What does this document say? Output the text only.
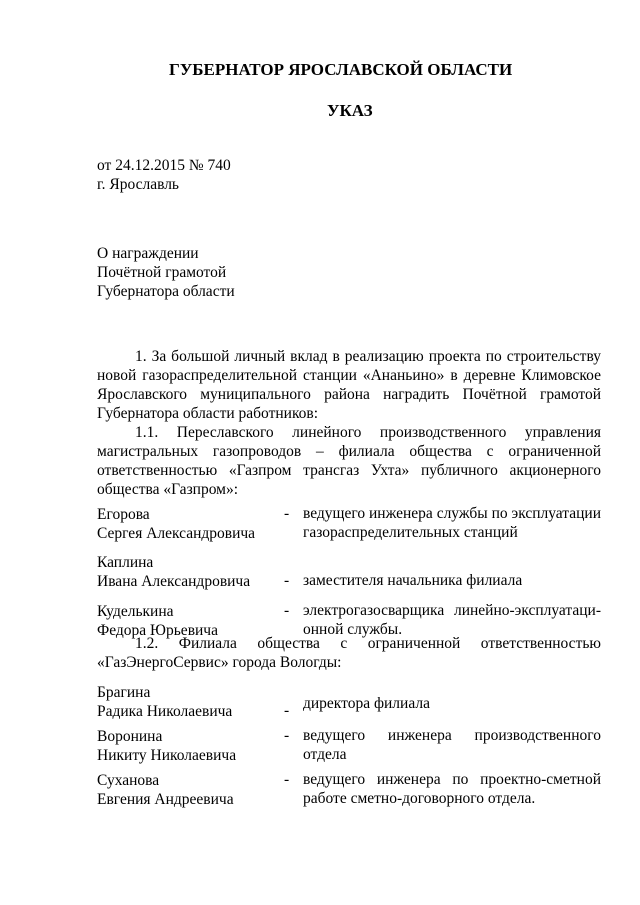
ГУБЕРНАТОР ЯРОСЛАВСКОЙ ОБЛАСТИ
УКАЗ
от 24.12.2015 № 740
г. Ярославль
О награждении
Почётной грамотой
Губернатора области
1. За большой личный вклад в реализацию проекта по строительству
новой газораспределительной станции «Ананьино» в деревне Климовское
Ярославского муниципального района наградить Почётной грамотой
Губернатора области работников:
1.1. Переславского линейного производственного управления
магистральных газопроводов – филиала общества с ограниченной
ответственностью «Газпром трансгаз Ухта» публичного акционерного
общества «Газпром»:
Егорова
Сергея Александровича
- ведущего инженера службы по эксплуатации
газораспределительных станций
Каплина
Ивана Александровича - заместителя начальника филиала
Куделькина
Федора Юрьевича
- электрогазосварщика линейно-эксплуатаци-
онной службы.
1.2. Филиала общества с ограниченной ответственностью
«ГазЭнергоСервис» города Вологды:
Брагина
Радика Николаевича	- директора филиала
Воронина
Никиту Николаевича
- ведущего инженера производственного
отдела
Суханова
Евгения Андреевича
- ведущего инженера по проектно-сметной
работе сметно-договорного отдела.
